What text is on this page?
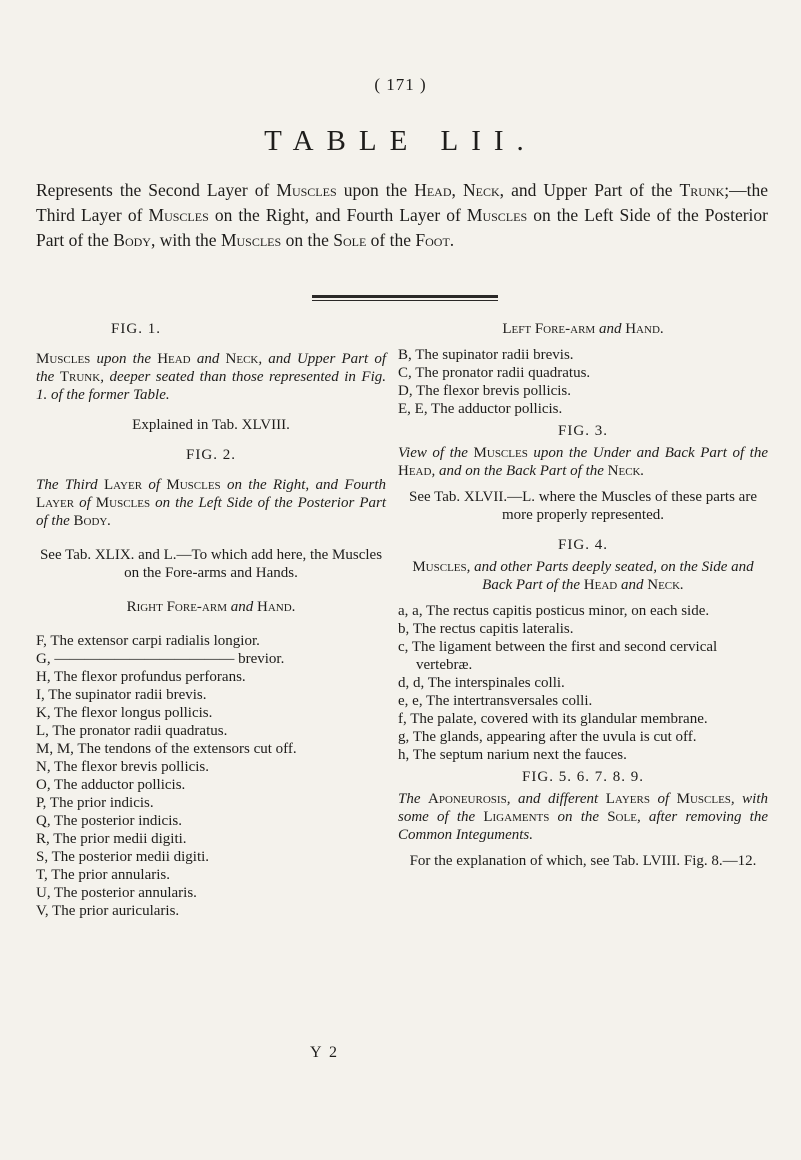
( 171 )
TABLE LII.
Represents the Second Layer of Muscles upon the Head, Neck, and Upper Part of the Trunk;—the Third Layer of Muscles on the Right, and Fourth Layer of Muscles on the Left Side of the Posterior Part of the Body, with the Muscles on the Sole of the Foot.
FIG. 1.
Muscles upon the Head and Neck, and Upper Part of the Trunk, deeper seated than those represented in Fig. 1. of the former Table.
Explained in Tab. XLVIII.
FIG. 2.
The Third Layer of Muscles on the Right, and Fourth Layer of Muscles on the Left Side of the Posterior Part of the Body.
See Tab. XLIX. and L.—To which add here, the Muscles on the Fore-arms and Hands.
Right Fore-arm and Hand.
F, The extensor carpi radialis longior.
G, ———————————— brevior.
H, The flexor profundus perforans.
I, The supinator radii brevis.
K, The flexor longus pollicis.
L, The pronator radii quadratus.
M, M, The tendons of the extensors cut off.
N, The flexor brevis pollicis.
O, The adductor pollicis.
P, The prior indicis.
Q, The posterior indicis.
R, The prior medii digiti.
S, The posterior medii digiti.
T, The prior annularis.
U, The posterior annularis.
V, The prior auricularis.
Left Fore-arm and Hand.
B, The supinator radii brevis.
C, The pronator radii quadratus.
D, The flexor brevis pollicis.
E, E, The adductor pollicis.
FIG. 3.
View of the Muscles upon the Under and Back Part of the Head, and on the Back Part of the Neck.
See Tab. XLVII.—L. where the Muscles of these parts are more properly represented.
FIG. 4.
Muscles, and other Parts deeply seated, on the Side and Back Part of the Head and Neck.
a, a, The rectus capitis posticus minor, on each side.
b, The rectus capitis lateralis.
c, The ligament between the first and second cervical vertebræ.
d, d, The interspinales colli.
e, e, The intertransversales colli.
f, The palate, covered with its glandular membrane.
g, The glands, appearing after the uvula is cut off.
h, The septum narium next the fauces.
FIG. 5. 6. 7. 8. 9.
The Aponeurosis, and different Layers of Muscles, with some of the Ligaments on the Sole, after removing the Common Integuments.
For the explanation of which, see Tab. LVIII. Fig. 8.—12.
Y 2
